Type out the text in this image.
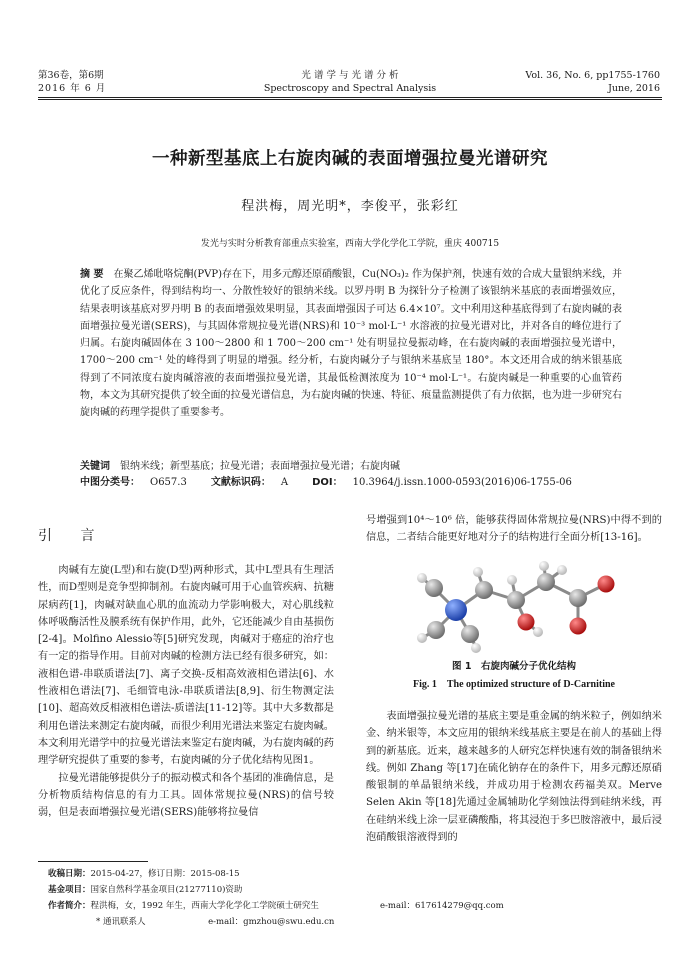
第36卷，第6期
2016 年 6 月
光 谱 学 与 光 谱 分 析
Spectroscopy and Spectral Analysis
Vol. 36, No. 6, pp1755-1760
June, 2016
一种新型基底上右旋肉碱的表面增强拉曼光谱研究
程洪梅，周光明*，李俊平，张彩红
发光与实时分析教育部重点实验室，西南大学化学化工学院，重庆 400715
摘 要 在聚乙烯吡咯烷酮(PVP)存在下，用多元醇还原硝酸银，Cu(NO₃)₂ 作为保护剂，快速有效的合成大量银纳米线，并优化了反应条件，得到结构均一、分散性较好的银纳米线。以罗丹明 B 为探针分子检测了该银纳米基底的表面增强效应，结果表明该基底对罗丹明 B 的表面增强效果明显，其表面增强因子可达 6.4×10⁷。文中利用这种基底得到了右旋肉碱的表面增强拉曼光谱(SERS)，与其固体常规拉曼光谱(NRS)和 10⁻³ mol·L⁻¹ 水溶液的拉曼光谱对比，并对各自的峰位进行了归属。右旋肉碱固体在 3 100～2800 和 1 700～200 cm⁻¹ 处有明显拉曼振动峰，在右旋肉碱的表面增强拉曼光谱中，1700～200 cm⁻¹ 处的峰得到了明显的增强。经分析，右旋肉碱分子与银纳米基底呈 180°。本文还用合成的纳米银基底得到了不同浓度右旋肉碱溶液的表面增强拉曼光谱，其最低检测浓度为 10⁻⁴ mol·L⁻¹。右旋肉碱是一种重要的心血管药物，本文为其研究提供了较全面的拉曼光谱信息，为右旋肉碱的快速、特征、痕量监测提供了有力依据，也为进一步研究右旋肉碱的药理学提供了重要参考。
关键词 银纳米线；新型基底；拉曼光谱；表面增强拉曼光谱；右旋肉碱
中图分类号： O657.3 文献标识码： A DOI： 10.3964/j.issn.1000-0593(2016)06-1755-06
引 言

肉碱有左旋(L型)和右旋(D型)两种形式，其中L型具有生理活性，而D型则是竞争型抑制剂。右旋肉碱可用于心血管疾病、抗糖尿病药[1]，肉碱对缺血心肌的血流动力学影响极大，对心肌线粒体呼吸酶活性及膜系统有保护作用，此外，它还能减少自由基损伤[2-4]。Molfino Alessio等[5]研究发现，肉碱对于癌症的治疗也有一定的指导作用。目前对肉碱的检测方法已经有很多研究，如：液相色谱-串联质谱法[7]、离子交换-反相高效液相色谱法[6]、水性液相色谱法[7]、毛细管电泳-串联质谱法[8,9]、衍生物测定法[10]、超高效反相液相色谱法-质谱法[11-12]等。其中大多数都是利用色谱法来测定右旋肉碱，而很少利用光谱法来鉴定右旋肉碱。本文利用光谱学中的拉曼光谱法来鉴定右旋肉碱，为右旋肉碱的药理学研究提供了重要的参考，右旋肉碱的分子优化结构见图1。

拉曼光谱能够提供分子的振动模式和各个基团的准确信息，是分析物质结构信息的有力工具。固体常规拉曼(NRS)的信号较弱，但是表面增强拉曼光谱(SERS)能够将拉曼信

号增强到10⁴～10⁶ 倍，能够获得固体常规拉曼(NRS)中得不到的信息，二者结合能更好地对分子的结构进行全面分析[13-16]。

图 1　右旋肉碱分子优化结构
Fig. 1　The optimized structure of D-Carnitine

表面增强拉曼光谱的基底主要是重金属的纳米粒子，例如纳米金、纳米银等，本文应用的银纳米线基底主要是在前人的基础上得到的新基底。近来，越来越多的人研究怎样快速有效的制备银纳米线。例如 Zhang 等[17]在硫化钠存在的条件下，用多元醇还原硝酸银制的单晶银纳米线，并成功用于检测农药福美双。Merve Selen Akin 等[18]先通过金属辅助化学刻蚀法得到硅纳米线，再在硅纳米线上涂一层亚磷酸酯，将其浸泡于多巴胺溶液中，最后浸泡硝酸银溶液得到的

收稿日期：2015-04-27，修订日期：2015-08-15
基金项目：国家自然科学基金项目(21277110)资助
作者简介：程洪梅，女，1992 年生，西南大学化学化工学院硕士研究生	e-mail：617614279@qq.com
* 通讯联系人	e-mail：gmzhou@swu.edu.cn
